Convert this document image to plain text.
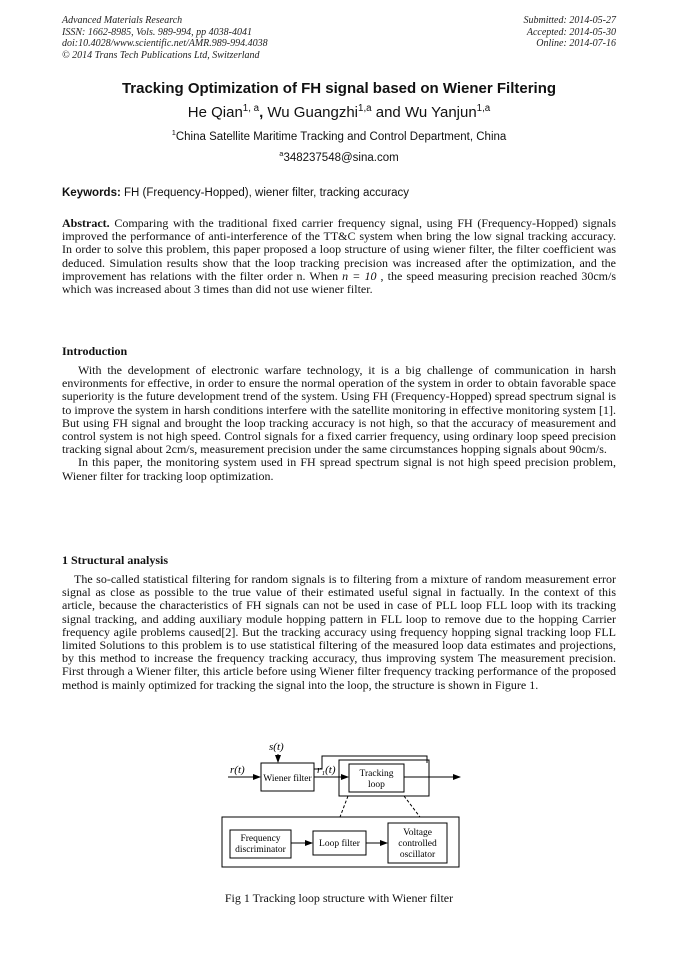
Advanced Materials Research
ISSN: 1662-8985, Vols. 989-994, pp 4038-4041
doi:10.4028/www.scientific.net/AMR.989-994.4038
© 2014 Trans Tech Publications Ltd, Switzerland
Submitted: 2014-05-27
Accepted: 2014-05-30
Online: 2014-07-16
Tracking Optimization of FH signal based on Wiener Filtering
He Qian$^{1, a}$, Wu Guangzhi$^{1,a}$ and Wu Yanjun$^{1,a}$
$^1$China Satellite Maritime Tracking and Control Department, China
$^a$348237548@sina.com
Keywords: FH (Frequency-Hopped), wiener filter, tracking accuracy

Abstract. Comparing with the traditional fixed carrier frequency signal, using FH (Frequency-Hopped) signals improved the performance of anti-interference of the TT&C system when bring the low signal tracking accuracy. In order to solve this problem, this paper proposed a loop structure of using wiener filter, the filter coefficient was deduced. Simulation results show that the loop tracking precision was increased after the optimization, and the improvement has relations with the filter order n. When n = 10 , the speed measuring precision reached 30cm/s which was increased about 3 times than did not use wiener filter.

Introduction

With the development of electronic warfare technology, it is a big challenge of communication in harsh environments for effective, in order to ensure the normal operation of the system in order to obtain favorable space superiority is the future development trend of the system. Using FH (Frequency-Hopped) spread spectrum signal is to improve the system in harsh conditions interfere with the satellite monitoring in effective monitoring system [1]. But using FH signal and brought the loop tracking accuracy is not high, so that the accuracy of measurement and control system is not high speed. Control signals for a fixed carrier frequency, using ordinary loop speed precision tracking signal about 2cm/s, measurement precision under the same circumstances hopping signals about 90cm/s.

In this paper, the monitoring system used in FH spread spectrum signal is not high speed precision problem, Wiener filter for tracking loop optimization.

1 Structural analysis

The so-called statistical filtering for random signals is to filtering from a mixture of random measurement error signal as close as possible to the true value of their estimated useful signal in factually. In the context of this article, because the characteristics of FH signals can not be used in case of PLL loop FLL loop with its tracking signal tracking, and adding auxiliary module hopping pattern in FLL loop to remove due to the hopping Carrier frequency agile problems caused[2]. But the tracking accuracy using frequency hopping signal tracking loop FLL limited Solutions to this problem is to use statistical filtering of the measured loop data estimates and projections, by this method to increase the frequency tracking accuracy, thus improving system The measurement precision. First through a Wiener filter, this article before using Wiener filter frequency tracking performance of the proposed method is mainly optimized for tracking the signal into the loop, the structure is shown in Figure 1.

s(t)
r(t)	r₁(t)
Wiener filter	Tracking
loop
Frequency
discriminator
Loop filter
Voltage
controlled
oscillator
Fig 1 Tracking loop structure with Wiener filter
